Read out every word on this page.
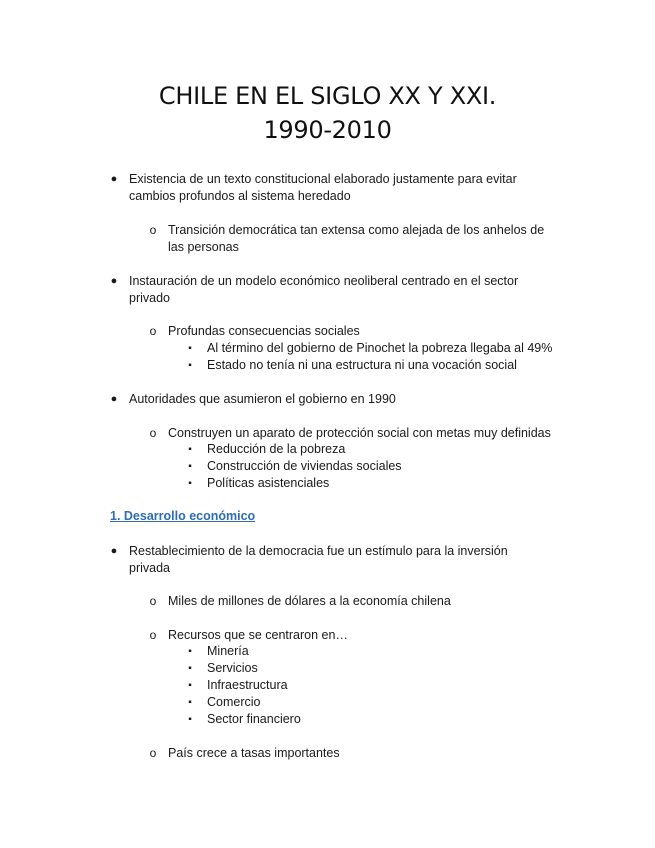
CHILE EN EL SIGLO XX Y XXI.
1990-2010
● Existencia de un texto constitucional elaborado justamente para evitar
cambios profundos al sistema heredado
o Transición democrática tan extensa como alejada de los anhelos de
las personas
● Instauración de un modelo económico neoliberal centrado en el sector
privado
o Profundas consecuencias sociales
▪ Al término del gobierno de Pinochet la pobreza llegaba al 49%
▪ Estado no tenía ni una estructura ni una vocación social
● Autoridades que asumieron el gobierno en 1990
o Construyen un aparato de protección social con metas muy definidas
▪ Reducción de la pobreza
▪ Construcción de viviendas sociales
▪ Políticas asistenciales
1. Desarrollo económico
● Restablecimiento de la democracia fue un estímulo para la inversión
privada
o Miles de millones de dólares a la economía chilena
o Recursos que se centraron en…
▪ Minería
▪ Servicios
▪ Infraestructura
▪ Comercio
▪ Sector financiero
o País crece a tasas importantes
